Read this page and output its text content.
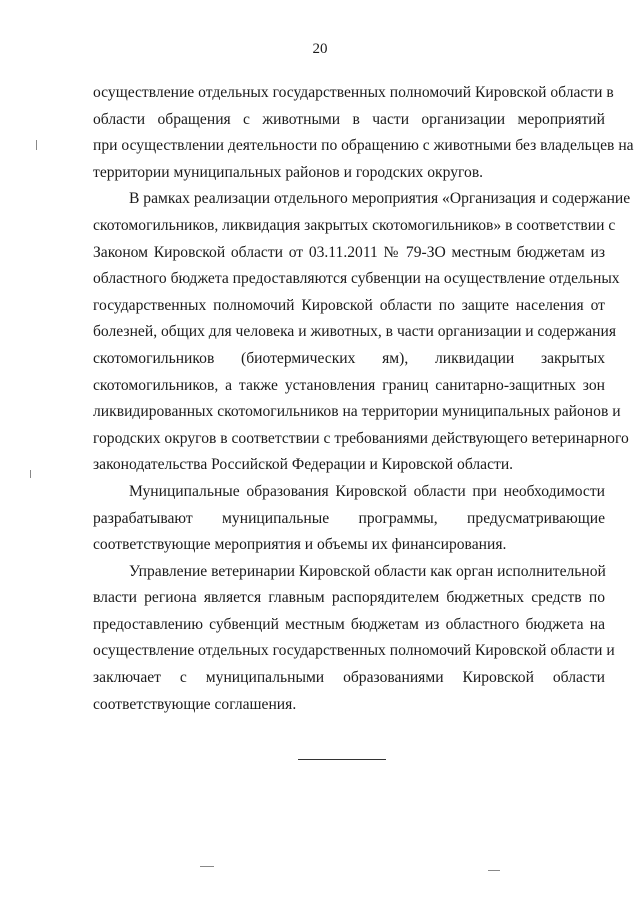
20
осуществление отдельных государственных полномочий Кировской области в
области обращения с животными в части организации мероприятий
при осуществлении деятельности по обращению с животными без владельцев на
территории муниципальных районов и городских округов.
В рамках реализации отдельного мероприятия «Организация и содержание
скотомогильников, ликвидация закрытых скотомогильников» в соответствии с
Законом Кировской области от 03.11.2011 № 79-ЗО местным бюджетам из
областного бюджета предоставляются субвенции на осуществление отдельных
государственных полномочий Кировской области по защите населения от
болезней, общих для человека и животных, в части организации и содержания
скотомогильников (биотермических ям), ликвидации закрытых
скотомогильников, а также установления границ санитарно-защитных зон
ликвидированных скотомогильников на территории муниципальных районов и
городских округов в соответствии с требованиями действующего ветеринарного
законодательства Российской Федерации и Кировской области.
Муниципальные образования Кировской области при необходимости
разрабатывают муниципальные программы, предусматривающие
соответствующие мероприятия и объемы их финансирования.
Управление ветеринарии Кировской области как орган исполнительной
власти региона является главным распорядителем бюджетных средств по
предоставлению субвенций местным бюджетам из областного бюджета на
осуществление отдельных государственных полномочий Кировской области и
заключает с муниципальными образованиями Кировской области
соответствующие соглашения.
